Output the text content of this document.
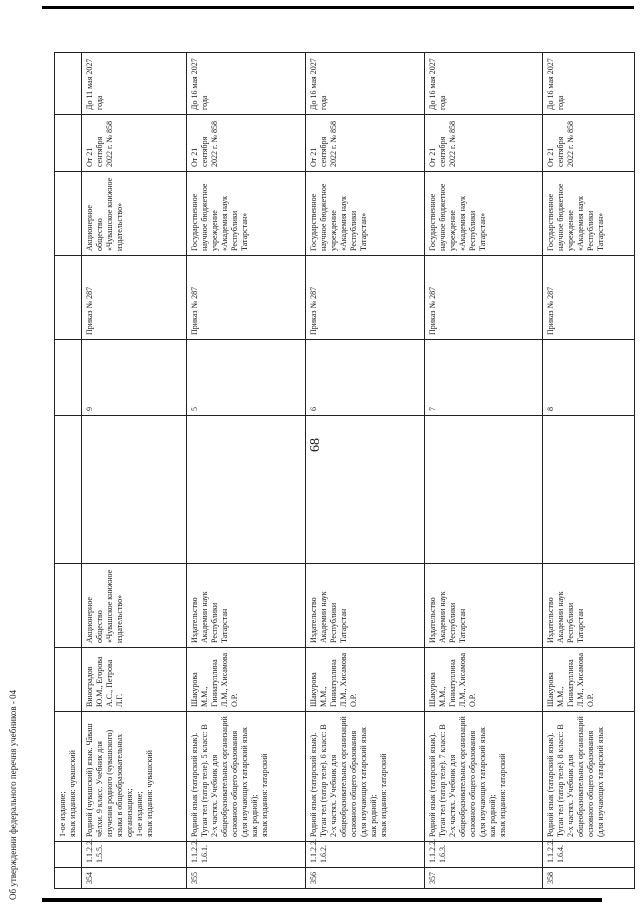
68
		1-ое издание;
язык издания: чувашский								
354	1.1.2.2.
1.5.5.	Родной (чувашский) язык. Чăваш чěлхи. 9 класс. Учебник для изучения родного (чувашского) языка в общеобразовательных организациях;
1-ое издание;
язык издания: чувашский	Виноградов Ю.М., Егорова А.С., Петрова Л.Г.	Акционерное общество «Чувашское книжное издательство»		9	Приказ № 287	Акционерное общество «Чувашское книжное издательство»	От 21 сентября 2022 г. № 858	До 11 мая 2027 года
355	1.1.2.2.
1.6.1.	Родной язык (татарский язык). Туган тел (татар теле). 5 класс: В 2-х частях. Учебник для общеобразовательных организаций основного общего образования (для изучающих татарский язык как родной);
язык издания: татарский	Шакурова М.М., Гиниатуллина Л.М., Хисамова О.Р.	Издательство Академии наук Республики Татарстан		5	Приказ № 287	Государственное научное бюджетное учреждение «Академия наук Республики Татарстан»	От 21 сентября 2022 г. № 858	До 16 мая 2027 года
356	1.1.2.2.
1.6.2.	Родной язык (татарский язык). Туган тел (татар теле). 6 класс: В 2-х частях. Учебник для общеобразовательных организаций основного общего образования (для изучающих татарский язык как родной);
язык издания: татарский	Шакурова М.М., Гиниатуллина Л.М., Хисамова О.Р.	Издательство Академии наук Республики Татарстан		6	Приказ № 287	Государственное научное бюджетное учреждение «Академия наук Республики Татарстан»	От 21 сентября 2022 г. № 858	До 16 мая 2027 года
357	1.1.2.2.
1.6.3.	Родной язык (татарский язык). Туган тел (татар теле). 7 класс: В 2-х частях. Учебник для общеобразовательных организаций основного общего образования (для изучающих татарский язык как родной);
язык издания: татарский	Шакурова М.М., Гиниатуллина Л.М., Хисамова О.Р.	Издательство Академии наук Республики Татарстан		7	Приказ № 287	Государственное научное бюджетное учреждение «Академия наук Республики Татарстан»	От 21 сентября 2022 г. № 858	До 16 мая 2027 года
358	1.1.2.2.
1.6.4.	Родной язык (татарский язык). Туган тел (татар теле). 8 класс: В 2-х частях. Учебник для общеобразовательных организаций основного общего образования (для изучающих татарский язык	Шакурова М.М., Гиниатуллина Л.М., Хисамова О.Р.	Издательство Академии наук Республики Татарстан		8	Приказ № 287	Государственное научное бюджетное учреждение «Академия наук Республики Татарстан»	От 21 сентября 2022 г. № 858	До 16 мая 2027 года
Об утверждении федерального перечня учебников - 04
